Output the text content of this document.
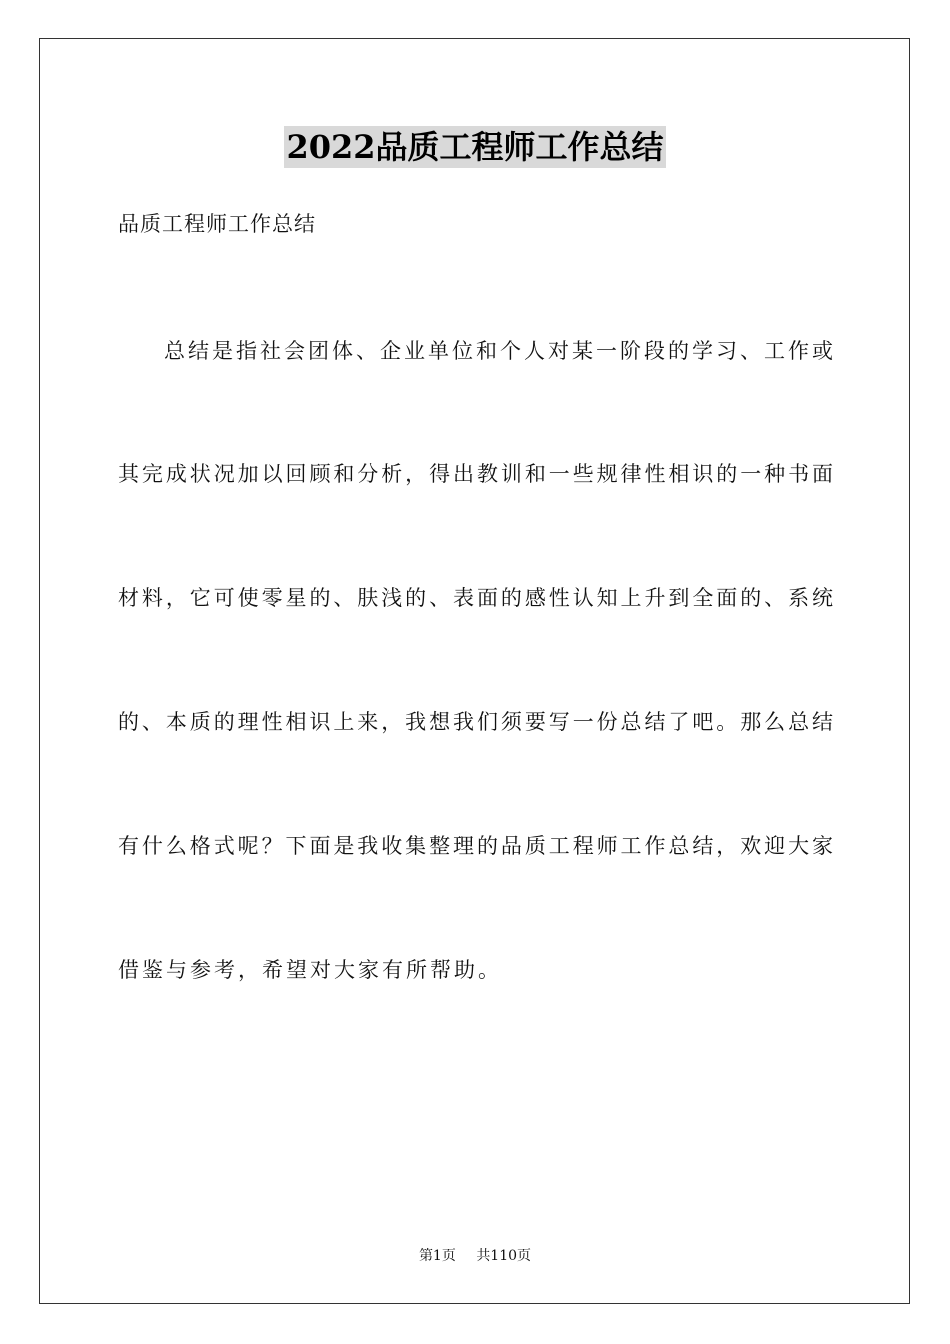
2022品质工程师工作总结
品质工程师工作总结
总结是指社会团体、企业单位和个人对某一阶段的学习、工作或
其完成状况加以回顾和分析，得出教训和一些规律性相识的一种书面
材料，它可使零星的、肤浅的、表面的感性认知上升到全面的、系统
的、本质的理性相识上来，我想我们须要写一份总结了吧。那么总结
有什么格式呢？下面是我收集整理的品质工程师工作总结，欢迎大家
借鉴与参考，希望对大家有所帮助。
第1页 共110页
